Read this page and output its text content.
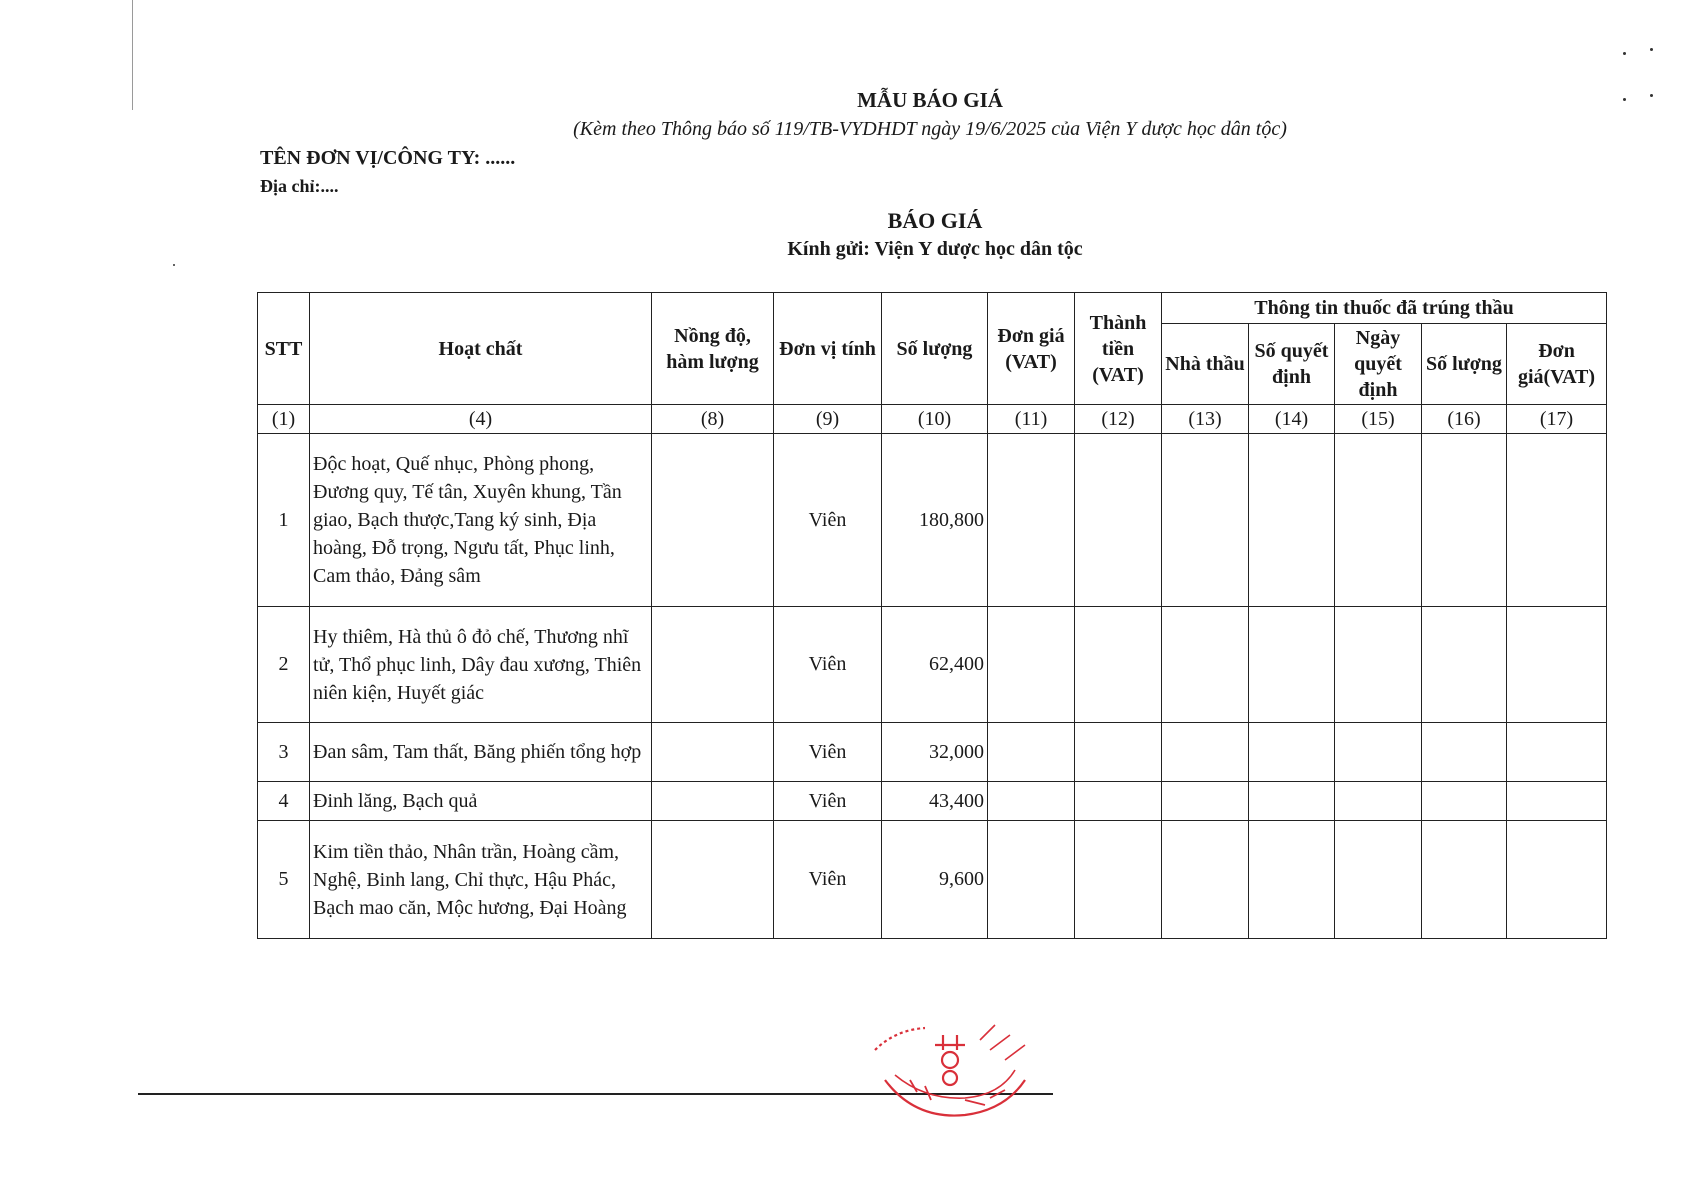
MẪU BÁO GIÁ
(Kèm theo Thông báo số 119/TB-VYDHDT ngày 19/6/2025 của Viện Y dược học dân tộc)
TÊN ĐƠN VỊ/CÔNG TY: ......
Địa chỉ:....
BÁO GIÁ
Kính gửi: Viện Y dược học dân tộc
STT	Hoạt chất	Nồng độ, hàm lượng	Đơn vị tính	Số lượng	Đơn giá (VAT)	Thành tiền (VAT)	Thông tin thuốc đã trúng thầu				
							Nhà thầu	Số quyết định	Ngày quyết định	Số lượng	Đơn giá(VAT)
(1)	(4)	(8)	(9)	(10)	(11)	(12)	(13)	(14)	(15)	(16)	(17)
1	Độc hoạt, Quế nhục, Phòng phong, Đương quy, Tế tân, Xuyên khung, Tần giao, Bạch thược,Tang ký sinh, Địa hoàng, Đỗ trọng, Ngưu tất, Phục linh, Cam thảo, Đảng sâm		Viên	180,800							
2	Hy thiêm, Hà thủ ô đỏ chế, Thương nhĩ tử, Thổ phục linh, Dây đau xương, Thiên niên kiện, Huyết giác		Viên	62,400							
3	Đan sâm, Tam thất, Băng phiến tổng hợp		Viên	32,000							
4	Đinh lăng, Bạch quả		Viên	43,400							
5	Kim tiền thảo, Nhân trần, Hoàng cầm, Nghệ, Binh lang, Chỉ thực, Hậu Phác, Bạch mao căn, Mộc hương, Đại Hoàng		Viên	9,600							
